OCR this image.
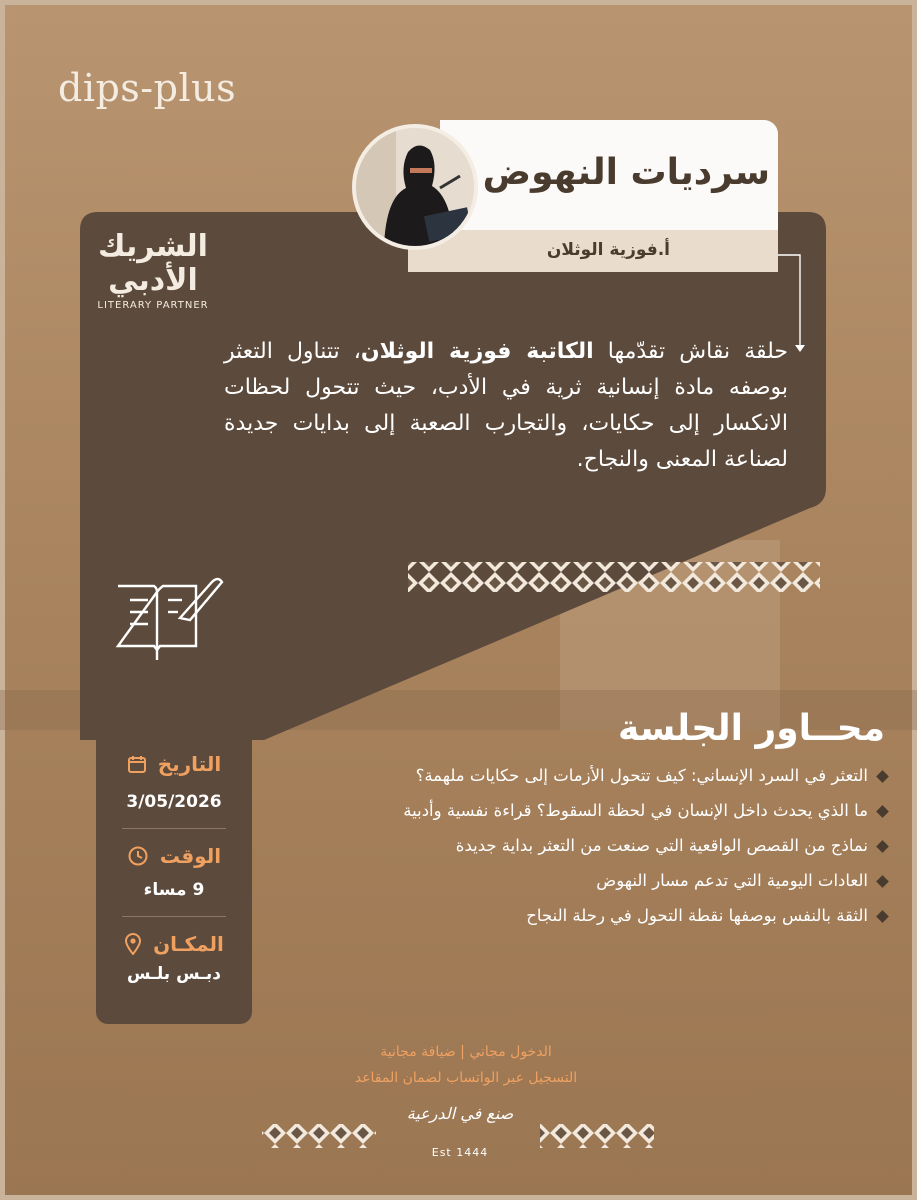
dips-plus
الشريك
الأدبي
LITERARY PARTNER
سرديات النهوض
أ.فوزية الوثلان
حلقة نقاش تقدّمها الكاتبة فوزية الوثلان، تتناول التعثر بوصفه مادة إنسانية ثرية في الأدب، حيث تتحول لحظات الانكسار إلى حكايات، والتجارب الصعبة إلى بدايات جديدة لصناعة المعنى والنجاح.
محــاور الجلسة
التعثر في السرد الإنساني: كيف تتحول الأزمات إلى حكايات ملهمة؟
ما الذي يحدث داخل الإنسان في لحظة السقوط؟ قراءة نفسية وأدبية
نماذج من القصص الواقعية التي صنعت من التعثر بداية جديدة
العادات اليومية التي تدعم مسار النهوض
الثقة بالنفس بوصفها نقطة التحول في رحلة النجاح
التاريخ
3/05/2026
الوقت
9 مساء
المكـان
دبـس بلـس
الدخول مجاني | ضيافة مجانية
التسجيل عبر الواتساب لضمان المقاعد
صنع في الدرعية
Est 1444
